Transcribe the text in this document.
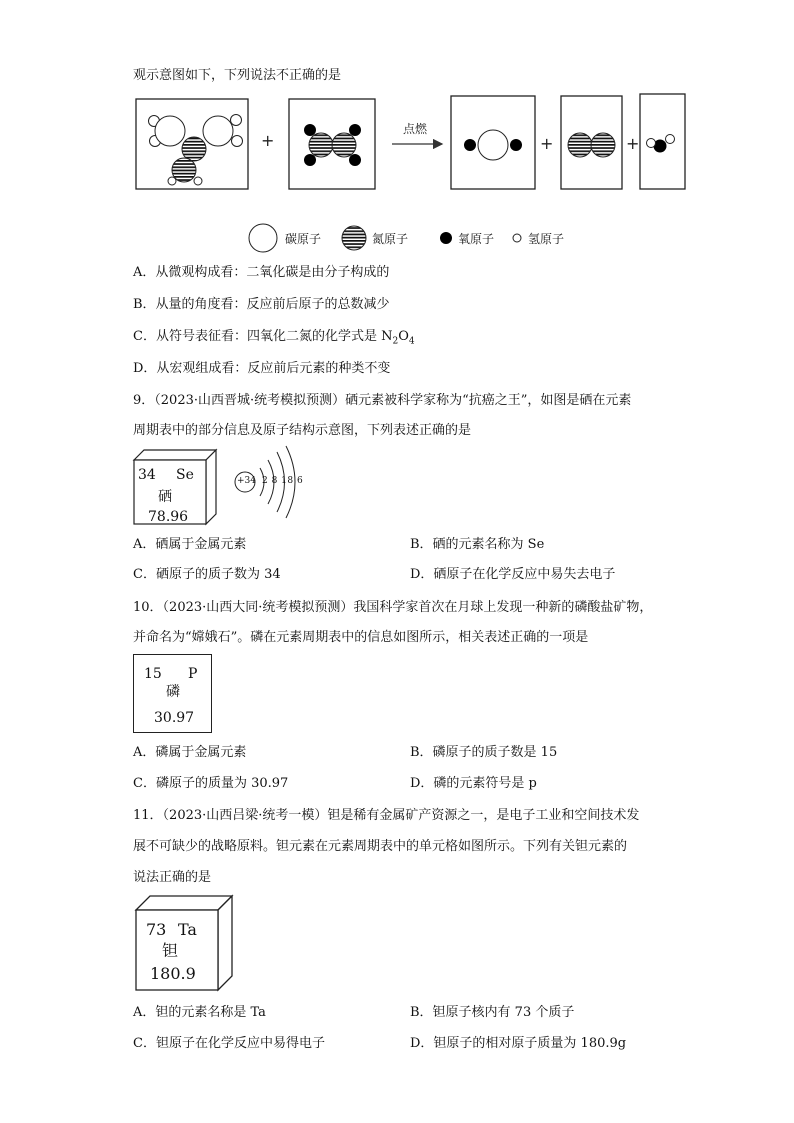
观示意图如下，下列说法不正确的是
+
点燃
+	+
碳原子	氮原子	氧原子	氢原子
A．从微观构成看：二氧化碳是由分子构成的
B．从量的角度看：反应前后原子的总数减少
C．从符号表征看：四氧化二氮的化学式是 $N_2O_4$
D．从宏观组成看：反应前后元素的种类不变
9．（2023·山西晋城·统考模拟预测）硒元素被科学家称为“抗癌之王”，如图是硒在元素
周期表中的部分信息及原子结构示意图，下列表述正确的是
34 Se
硒
78.96
+34 2 8 18 6
A．硒属于金属元素	B．硒的元素名称为 Se
C．硒原子的质子数为 34	D．硒原子在化学反应中易失去电子
10．（2023·山西大同·统考模拟预测）我国科学家首次在月球上发现一种新的磷酸盐矿物，
并命名为“嫦娥石”。磷在元素周期表中的信息如图所示，相关表述正确的一项是
15 P
磷
30.97
A．磷属于金属元素	B．磷原子的质子数是 15
C．磷原子的质量为 30.97	D．磷的元素符号是 p
11．（2023·山西吕梁·统考一模）钽是稀有金属矿产资源之一，是电子工业和空间技术发
展不可缺少的战略原料。钽元素在元素周期表中的单元格如图所示。下列有关钽元素的
说法正确的是
73 Ta
钽
180.9
A．钽的元素名称是 Ta	B．钽原子核内有 73 个质子
C．钽原子在化学反应中易得电子	D．钽原子的相对原子质量为 180.9g
